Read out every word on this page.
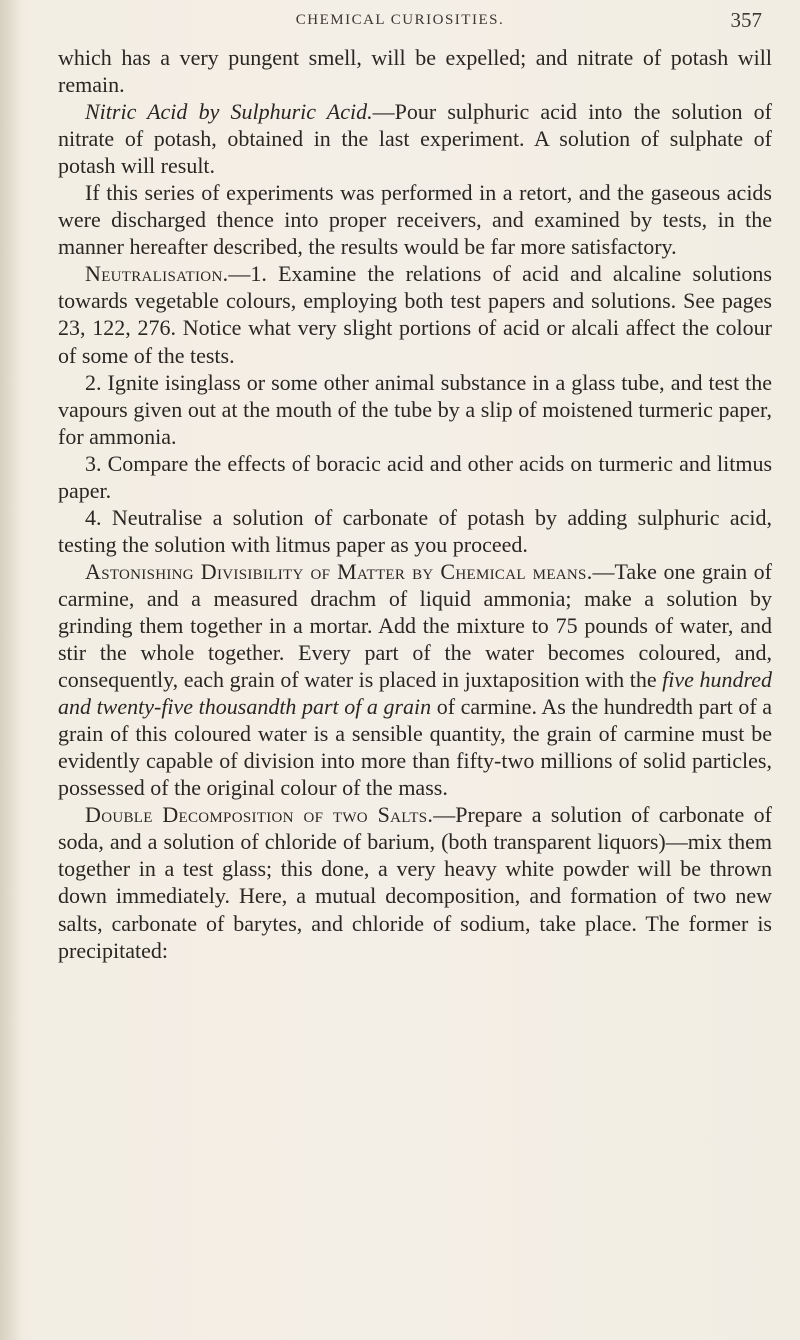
CHEMICAL CURIOSITIES.	357

which has a very pungent smell, will be expelled; and nitrate of potash will remain.

Nitric Acid by Sulphuric Acid.—Pour sulphuric acid into the solution of nitrate of potash, obtained in the last experiment. A solution of sulphate of potash will result.

If this series of experiments was performed in a retort, and the gaseous acids were discharged thence into proper receivers, and examined by tests, in the manner hereafter described, the results would be far more satisfactory.

Neutralisation.—1. Examine the relations of acid and alcaline solutions towards vegetable colours, employing both test papers and solutions. See pages 23, 122, 276. Notice what very slight portions of acid or alcali affect the colour of some of the tests.

2. Ignite isinglass or some other animal substance in a glass tube, and test the vapours given out at the mouth of the tube by a slip of moistened turmeric paper, for ammonia.

3. Compare the effects of boracic acid and other acids on turmeric and litmus paper.

4. Neutralise a solution of carbonate of potash by adding sulphuric acid, testing the solution with litmus paper as you proceed.

Astonishing Divisibility of Matter by Chemical means.—Take one grain of carmine, and a measured drachm of liquid ammonia; make a solution by grinding them together in a mortar. Add the mixture to 75 pounds of water, and stir the whole together. Every part of the water becomes coloured, and, consequently, each grain of water is placed in juxtaposition with the five hundred and twenty-five thousandth part of a grain of carmine. As the hundredth part of a grain of this coloured water is a sensible quantity, the grain of carmine must be evidently capable of division into more than fifty-two millions of solid particles, possessed of the original colour of the mass.

Double Decomposition of two Salts.—Prepare a solution of carbonate of soda, and a solution of chloride of barium, (both transparent liquors)—mix them together in a test glass; this done, a very heavy white powder will be thrown down immediately. Here, a mutual decomposition, and formation of two new salts, carbonate of barytes, and chloride of sodium, take place. The former is precipitated:
